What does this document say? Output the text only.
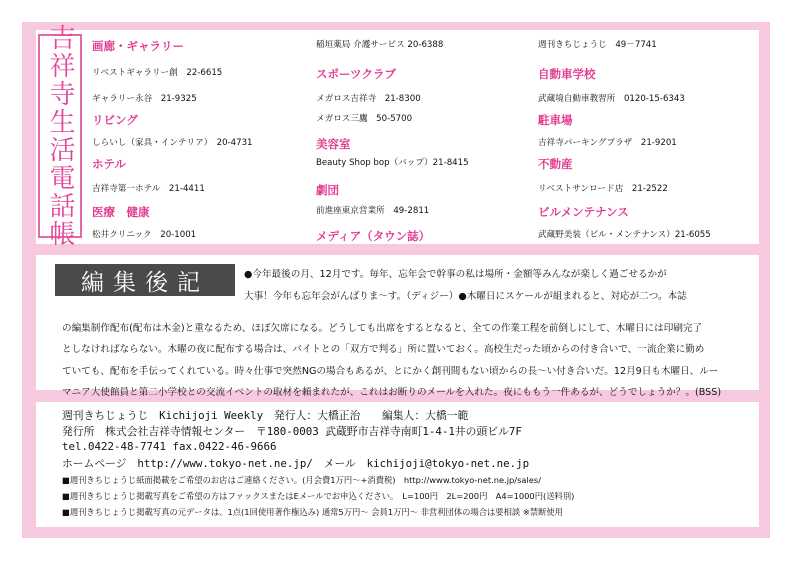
吉祥寺生活電話帳 画廊・ギャラリー
リベストギャラリー創　22-6615
ギャラリー永谷　21-9325
リビング
しらいし（家具・インテリア）　20-4731
ホテル
吉祥寺第一ホテル　21-4411
医療　健康
松井クリニック　20-1001
稲垣薬局 介護サービス 20-6388
スポーツクラブ
メガロス吉祥寺　21-8300
メガロス三鷹　50-5700
美容室
Beauty Shop bop（バップ）21-8415
劇団
前進座東京営業所　49-2811
メディア（タウン誌）
週刊きちじょうじ　49－7741
自動車学校
武蔵境自動車教習所　0120-15-6343
駐車場
吉祥寺パーキングプラザ　21-9201
不動産
リベストサンロード店　21-2522
ビルメンテナンス
武蔵野美装（ビル・メンテナンス）21-6055
編集後記	●今年最後の月、12月です。毎年、忘年会で幹事の私は場所・金額等みんなが楽しく過ごせるかが
大事！今年も忘年会がんばりま～す。（ディジー）●木曜日にスケールが組まれると、対応が二つ。本誌
の編集制作配布(配布は木金)と重なるため、ほぼ欠席になる。どうしても出席をするとなると、全ての作業工程を前倒しにして、木曜日には印刷完了
としなければならない。木曜の夜に配布する場合は、バイトとの「双方で判る」所に置いておく。高校生だった頃からの付き合いで、一流企業に勤め
ていても、配布を手伝ってくれている。時々仕事で突然NGの場合もあるが、とにかく創刊間もない頃からの長～い付き合いだ。12月9日も木曜日、ルー
マニア大使館員と第二小学校との交流イベントの取材を頼まれたが、これはお断りのメールを入れた。夜にももう一件あるが、どうでしょうか？。(BSS)
週刊きちじょうじ　Kichijoji Weekly　発行人：大橋正治　　編集人：大橋一範
発行所　株式会社吉祥寺情報センター　〒180-0003 武蔵野市吉祥寺南町1-4-1井の頭ビル7F
tel.0422-48-7741 fax.0422-46-9666
ホームページ　http://www.tokyo-net.ne.jp/　メール　kichijoji@tokyo-net.ne.jp
■週刊きちじょうじ紙面掲載をご希望のお店はご連絡ください。(月会費1万円～+消費税)　http://www.tokyo-net.ne.jp/sales/
■週刊きちじょうじ掲載写真をご希望の方はファックスまたはEメールでお申込ください。　L=100円　2L=200円　A4=1000円(送料別)
■週刊きちじょうじ掲載写真の元データは、1点(1回使用著作権込み) 通常5万円～ 会員1万円～ 非営利団体の場合は要相談 ※禁断使用
